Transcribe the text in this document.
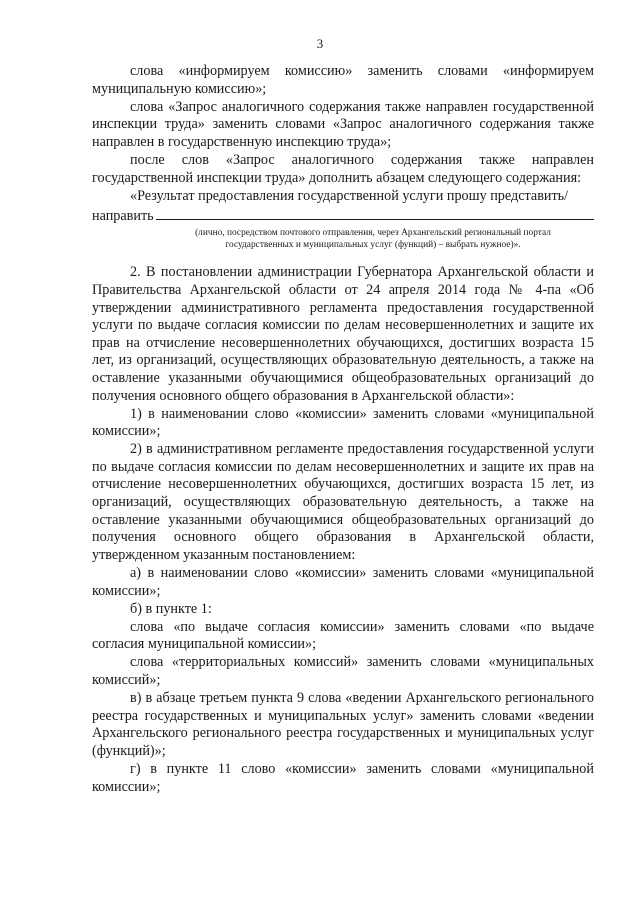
3

слова «информируем комиссию» заменить словами «информируем муниципальную комиссию»;

слова «Запрос аналогичного содержания также направлен государственной инспекции труда» заменить словами «Запрос аналогичного содержания также направлен в государственную инспекцию труда»;

после слов «Запрос аналогичного содержания также направлен государственной инспекции труда» дополнить абзацем следующего содержания:

«Результат предоставления государственной услуги прошу представить/

направить

(лично, посредством почтового отправления, через Архангельский региональный портал государственных и муниципальных услуг (функций) – выбрать нужное)».

2. В постановлении администрации Губернатора Архангельской области и Правительства Архангельской области от 24 апреля 2014 года № 4-па «Об утверждении административного регламента предоставления государственной услуги по выдаче согласия комиссии по делам несовершеннолетних и защите их прав на отчисление несовершеннолетних обучающихся, достигших возраста 15 лет, из организаций, осуществляющих образовательную деятельность, а также на оставление указанными обучающимися общеобразовательных организаций до получения основного общего образования в Архангельской области»:

1) в наименовании слово «комиссии» заменить словами «муниципальной комиссии»;

2) в административном регламенте предоставления государственной услуги по выдаче согласия комиссии по делам несовершеннолетних и защите их прав на отчисление несовершеннолетних обучающихся, достигших возраста 15 лет, из организаций, осуществляющих образовательную деятельность, а также на оставление указанными обучающимися общеобразовательных организаций до получения основного общего образования в Архангельской области, утвержденном указанным постановлением:

а) в наименовании слово «комиссии» заменить словами «муниципальной комиссии»;

б) в пункте 1:

слова «по выдаче согласия комиссии» заменить словами «по выдаче согласия муниципальной комиссии»;

слова «территориальных комиссий» заменить словами «муниципальных комиссий»;

в) в абзаце третьем пункта 9 слова «ведении Архангельского регионального реестра государственных и муниципальных услуг» заменить словами «ведении Архангельского регионального реестра государственных и муниципальных услуг (функций)»;

г) в пункте 11 слово «комиссии» заменить словами «муниципальной комиссии»;
